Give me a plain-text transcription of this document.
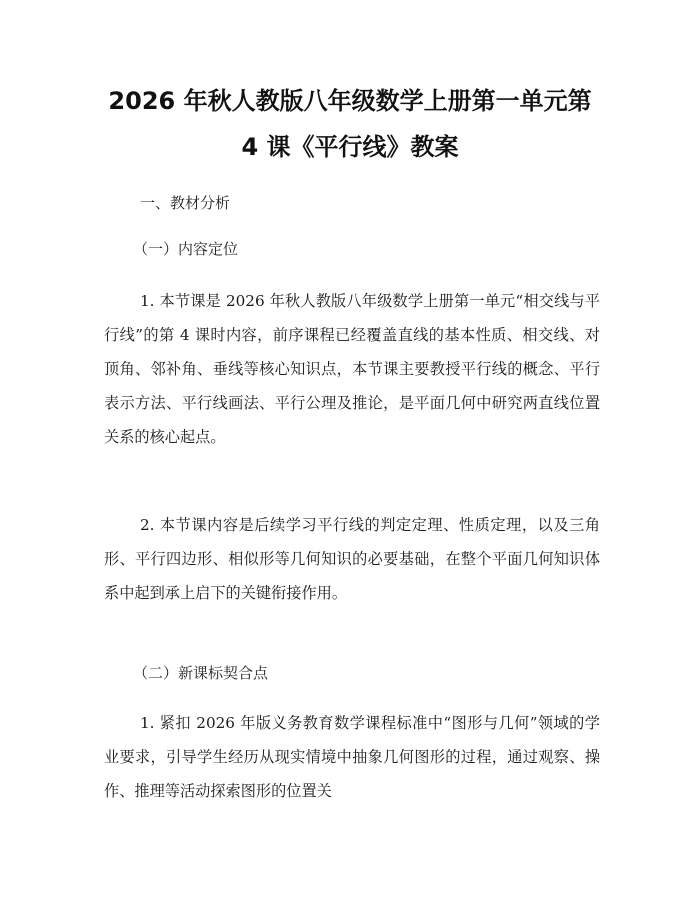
2026 年秋人教版八年级数学上册第一单元第
4 课《平行线》教案
一、教材分析
（一）内容定位
1. 本节课是 2026 年秋人教版八年级数学上册第一单元“相交线与平行线”的第 4 课时内容，前序课程已经覆盖直线的基本性质、相交线、对顶角、邻补角、垂线等核心知识点，本节课主要教授平行线的概念、平行表示方法、平行线画法、平行公理及推论，是平面几何中研究两直线位置关系的核心起点。
2. 本节课内容是后续学习平行线的判定定理、性质定理，以及三角形、平行四边形、相似形等几何知识的必要基础，在整个平面几何知识体系中起到承上启下的关键衔接作用。
（二）新课标契合点
1. 紧扣 2026 年版义务教育数学课程标准中“图形与几何”领域的学业要求，引导学生经历从现实情境中抽象几何图形的过程，通过观察、操作、推理等活动探索图形的位置关
